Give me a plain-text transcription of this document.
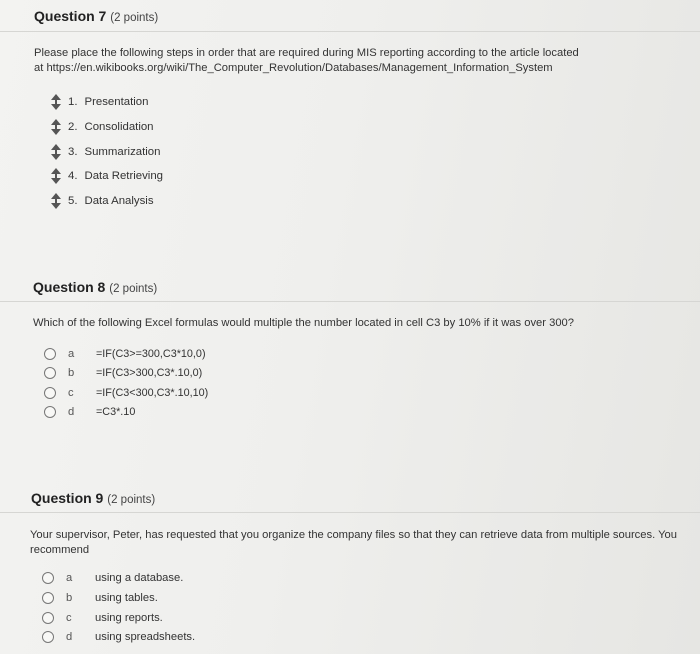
Question 7 (2 points)
Please place the following steps in order that are required during MIS reporting according to the article located
at https://en.wikibooks.org/wiki/The_Computer_Revolution/Databases/Management_Information_System
1. Presentation
2. Consolidation
3. Summarization
4. Data Retrieving
5. Data Analysis
Question 8 (2 points)
Which of the following Excel formulas would multiple the number located in cell C3 by 10% if it was over 300?
a	=IF(C3>=300,C3*10,0)
b	=IF(C3>300,C3*.10,0)
c	=IF(C3<300,C3*.10,10)
d	=C3*.10
Question 9 (2 points)
Your supervisor, Peter, has requested that you organize the company files so that they can retrieve data from multiple sources. You
recommend
a	using a database.
b	using tables.
c	using reports.
d	using spreadsheets.
